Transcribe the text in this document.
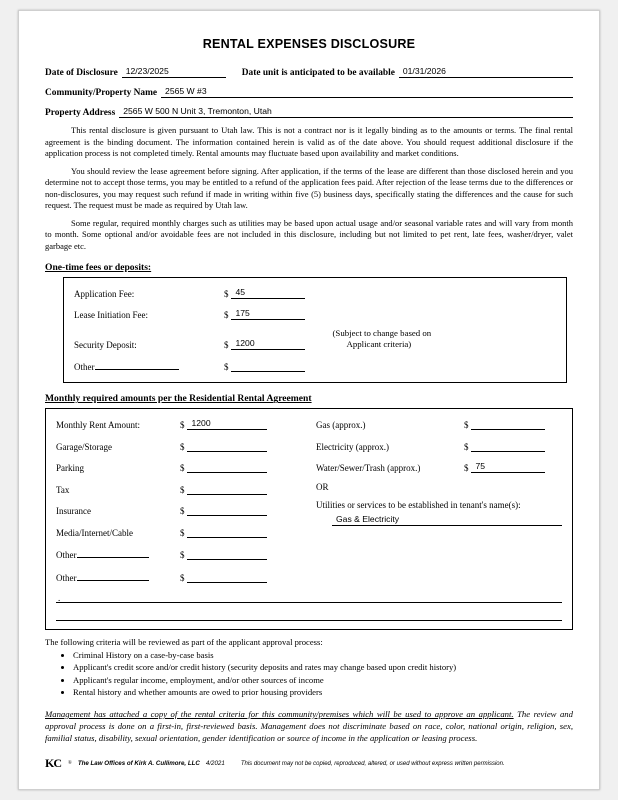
RENTAL EXPENSES DISCLOSURE
Date of Disclosure 12/23/2025	Date unit is anticipated to be available 01/31/2026
Community/Property Name 2565 W #3
Property Address 2565 W 500 N Unit 3, Tremonton, Utah

This rental disclosure is given pursuant to Utah law. This is not a contract nor is it legally binding as to the amounts or terms. The final rental agreement is the binding document. The information contained herein is valid as of the date above. You should request additional disclosure if the application process is not completed timely. Rental amounts may fluctuate based upon availability and market conditions.

You should review the lease agreement before signing. After application, if the terms of the lease are different than those disclosed herein and you determine not to accept those terms, you may be entitled to a refund of the application fees paid. After rejection of the lease terms due to the differences or non-disclosures, you may request such refund if made in writing within five (5) business days, specifically stating the differences and the cause for such request. The request must be made as required by Utah law.

Some regular, required monthly charges such as utilities may be based upon actual usage and/or seasonal variable rates and will vary from month to month. Some optional and/or avoidable fees are not included in this disclosure, including but not limited to pet rent, late fees, washer/dryer, valet garbage etc.

One-time fees or deposits:
Application Fee:	$ 45
Lease Initiation Fee:	$ 175
Security Deposit:	$ 1200
(Subject to change based on
Applicant criteria)
Other	$
Monthly required amounts per the Residential Rental Agreement
Monthly Rent Amount:	$ 1200
Garage/Storage	$
Parking	$
Tax	$
Insurance	$
Media/Internet/Cable	$
Other	$
Other	$
Gas (approx.)	$
Electricity (approx.)	$
Water/Sewer/Trash (approx.)	$ 75
OR
Utilities or services to be established in tenant's name(s):
Gas & Electricity
.
The following criteria will be reviewed as part of the applicant approval process:
• Criminal History on a case-by-case basis
• Applicant's credit score and/or credit history (security deposits and rates may change based upon credit history)
• Applicant's regular income, employment, and/or other sources of income
• Rental history and whether amounts are owed to prior housing providers
Management has attached a copy of the rental criteria for this community/premises which will be used to approve an applicant. The review and approval process is done on a first-in, first-reviewed basis. Management does not discriminate based on race, color, national origin, religion, sex, familial status, disability, sexual orientation, gender identification or source of income in the application or leasing process.
KC ® The Law Offices of Kirk A. Cullimore, LLC 4/2021	This document may not be copied, reproduced, altered, or used without express written permission.
